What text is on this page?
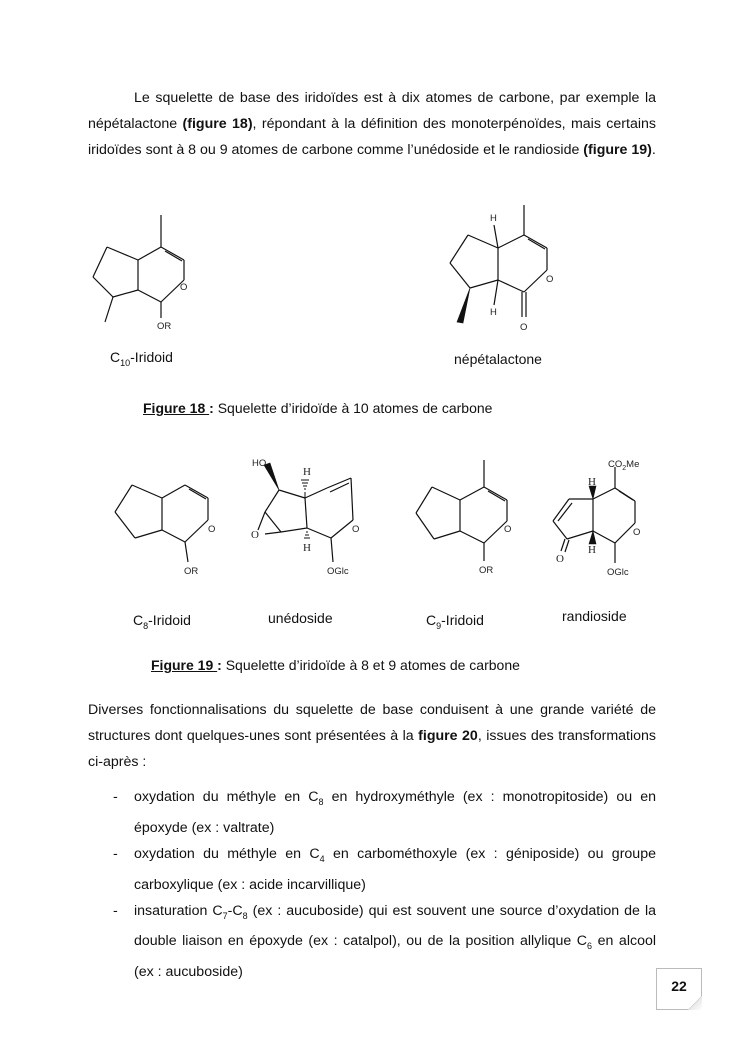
Le squelette de base des iridoïdes est à dix atomes de carbone, par exemple la népétalactone (figure 18), répondant à la définition des monoterpénoïdes, mais certains iridoïdes sont à 8 ou 9 atomes de carbone comme l’unédoside et le randioside (figure 19).

O
OR
$C_{10}$-Iridoid
H
H
O
O
népétalactone
Figure 18 : Squelette d’iridoïde à 10 atomes de carbone
O
OR
$C_8$-Iridoid
HO
H
H
O	O
OGlc
unédoside
O
OR
$C_9$-Iridoid
$CO_2Me$
H
H
O
O
OGlc
randioside
Figure 19 : Squelette d’iridoïde à 8 et 9 atomes de carbone

Diverses fonctionnalisations du squelette de base conduisent à une grande variété de structures dont quelques-unes sont présentées à la figure 20, issues des transformations ci-après :

- oxydation du méthyle en $C_8$ en hydroxyméthyle (ex : monotropitoside) ou en époxyde (ex : valtrate)
- oxydation du méthyle en $C_4$ en carbométhoxyle (ex : géniposide) ou groupe carboxylique (ex : acide incarvillique)
- insaturation $C_7-C_8$ (ex : aucuboside) qui est souvent une source d’oxydation de la double liaison en époxyde (ex : catalpol), ou de la position allylique $C_6$ en alcool (ex : aucuboside)
22
